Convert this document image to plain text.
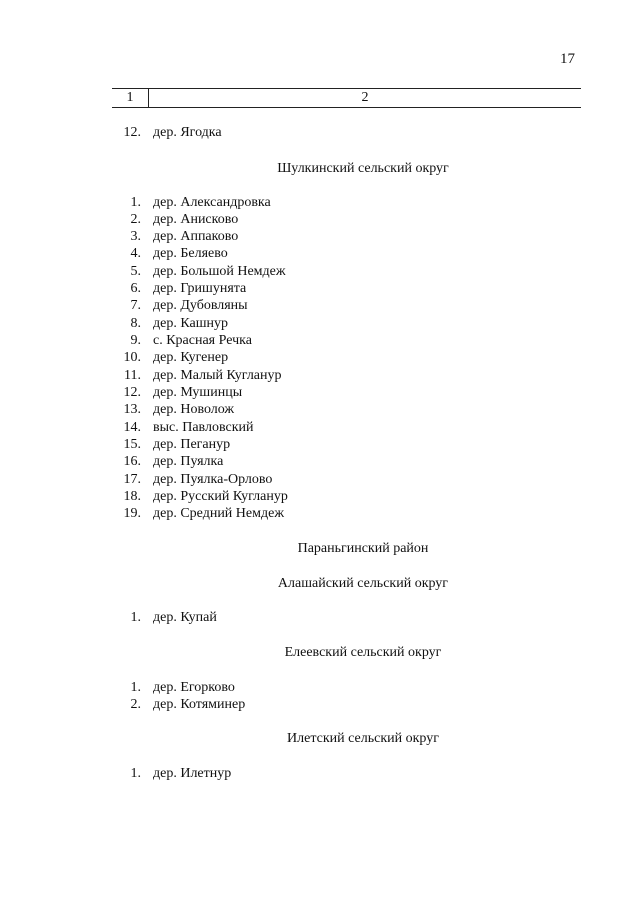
17
1	2
12. дер. Ягодка
Шулкинский сельский округ
1. дер. Александровка
2. дер. Анисково
3. дер. Аппаково
4. дер. Беляево
5. дер. Большой Немдеж
6. дер. Гришунята
7. дер. Дубовляны
8. дер. Кашнур
9. с. Красная Речка
10. дер. Кугенер
11. дер. Малый Кугланур
12. дер. Мушинцы
13. дер. Новолож
14. выс. Павловский
15. дер. Пеганур
16. дер. Пуялка
17. дер. Пуялка-Орлово
18. дер. Русский Кугланур
19. дер. Средний Немдеж
Параньгинский район
Алашайский сельский округ
1. дер. Купай
Елеевский сельский округ
1. дер. Егорково
2. дер. Котяминер
Илетский сельский округ
1. дер. Илетнур
